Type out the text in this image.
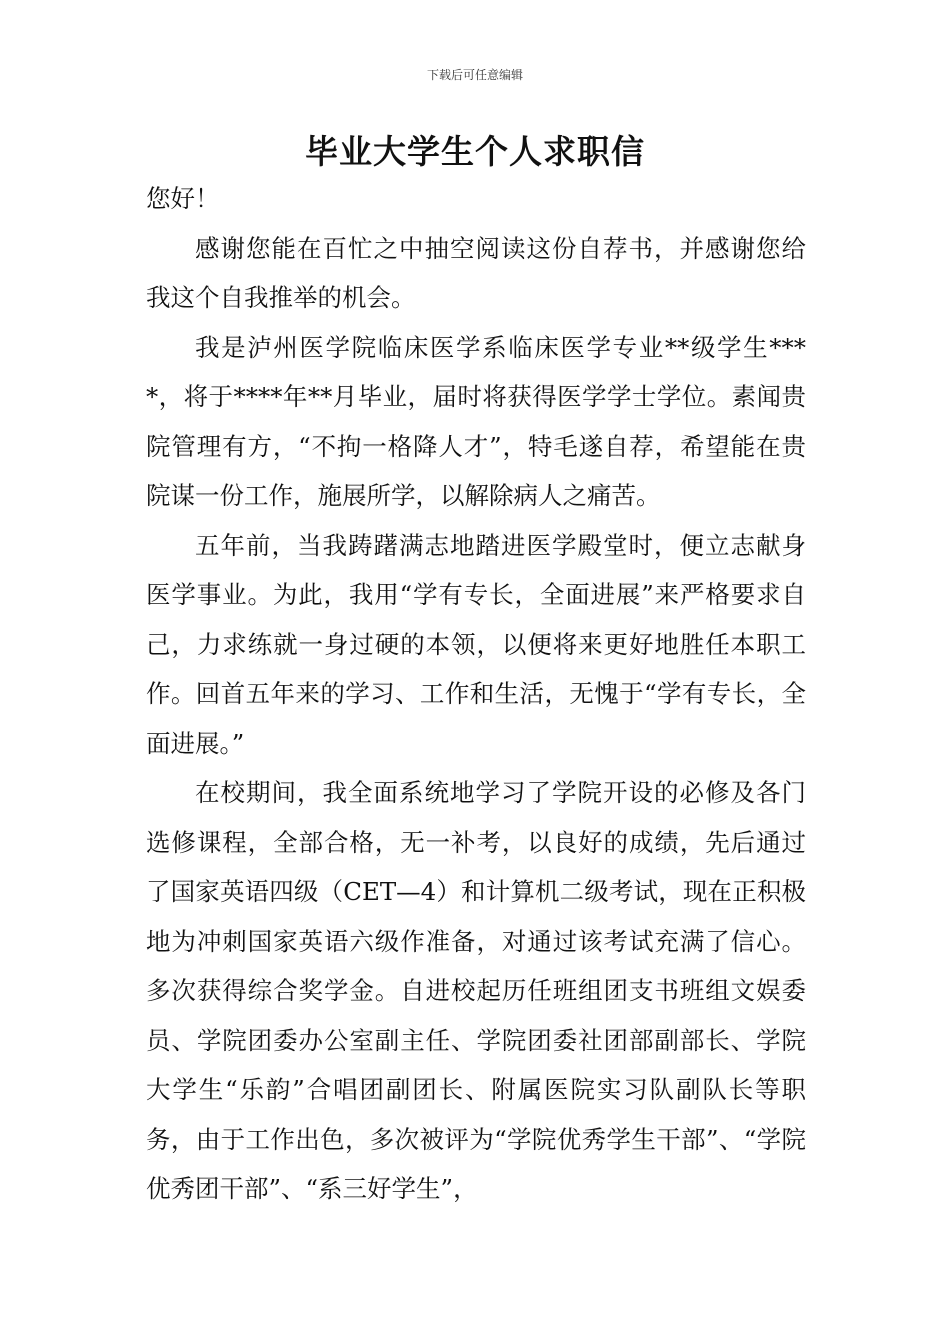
下载后可任意编辑
毕业大学生个人求职信

您好！

感谢您能在百忙之中抽空阅读这份自荐书，并感谢您给我这个自我推举的机会。

我是泸州医学院临床医学系临床医学专业**级学生****，将于****年**月毕业，届时将获得医学学士学位。素闻贵院管理有方，“不拘一格降人才”，特毛遂自荐，希望能在贵院谋一份工作，施展所学，以解除病人之痛苦。

五年前，当我踌躇满志地踏进医学殿堂时，便立志献身医学事业。为此，我用“学有专长，全面进展”来严格要求自己，力求练就一身过硬的本领，以便将来更好地胜任本职工作。回首五年来的学习、工作和生活，无愧于“学有专长，全面进展。”

在校期间，我全面系统地学习了学院开设的必修及各门选修课程，全部合格，无一补考，以良好的成绩，先后通过了国家英语四级（CET—4）和计算机二级考试，现在正积极地为冲刺国家英语六级作准备，对通过该考试充满了信心。多次获得综合奖学金。自进校起历任班组团支书班组文娱委员、学院团委办公室副主任、学院团委社团部副部长、学院大学生“乐韵”合唱团副团长、附属医院实习队副队长等职务，由于工作出色，多次被评为“学院优秀学生干部”、“学院优秀团干部”、“系三好学生”，
